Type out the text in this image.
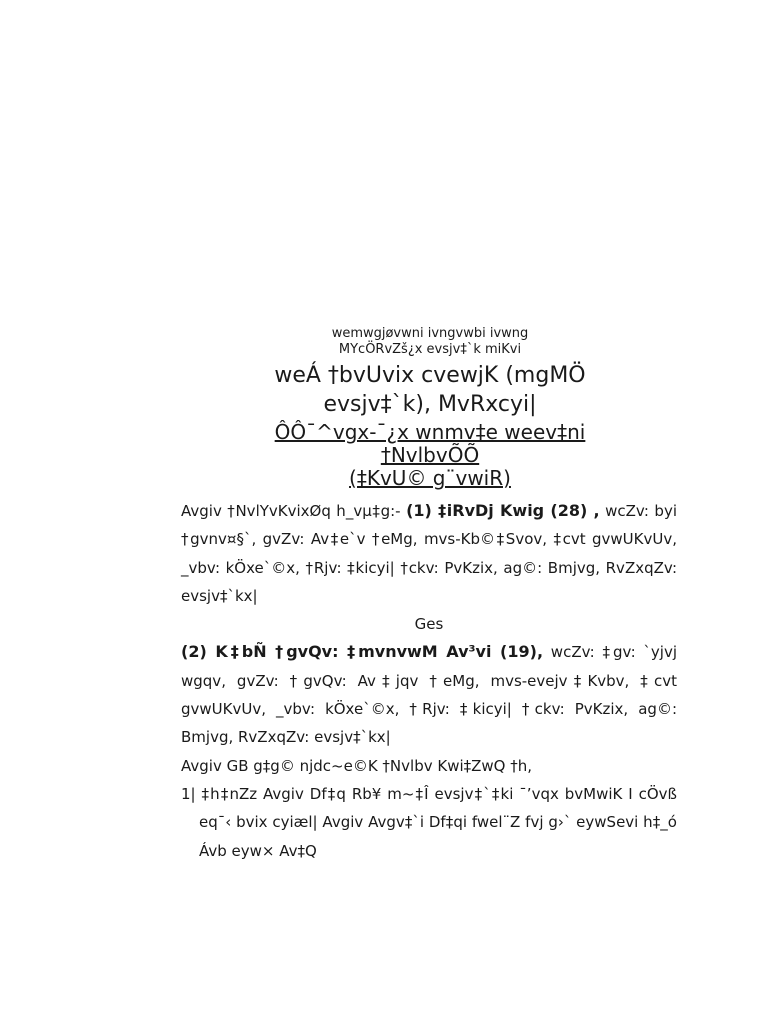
wemwgjøvwni ivngvwbi ivwng
MYcÖRvZš¿x evsjv‡`k miKvi
weÁ †bvUvix cvewjK (mgMÖ
evsjv‡`k), MvRxcyi|
ÔÔ¯^vgx-¯¿x wnmv‡e weev‡ni
†NvlbvÕÕ
(‡KvU© g¨vwiR)

Avgiv †NvlYvKvixØq h_vµ‡g:- (1) ‡iRvDj Kwig (28) , wcZv: byi †gvnv¤§`, gvZv: Av‡e`v †eMg, mvs-Kb©‡Svov, ‡cvt gvwUKvUv, _vbv: kÖxe`©x, †Rjv: ‡kicyi| †ckv: PvKzix, ag©: Bmjvg, RvZxqZv: evsjv‡`kx|

Ges

(2) K‡bÑ †gvQv: ‡mvnvwM Av³vi (19), wcZv: ‡gv: `yjvj wgqv, gvZv: †gvQv: Av‡jqv †eMg, mvs-evejv‡Kvbv, ‡cvt gvwUKvUv, _vbv: kÖxe`©x, †Rjv: ‡kicyi| †ckv: PvKzix, ag©: Bmjvg, RvZxqZv: evsjv‡`kx|

Avgiv GB g‡g© njdc~e©K †Nvlbv Kwi‡ZwQ †h,

1| ‡h‡nZz Avgiv Df‡q Rb¥ m~‡Î evsjv‡`‡ki ¯’vqx bvMwiK I cÖvß eq¯‹ bvix cyiæl| Avgiv Avgv‡`i Df‡qi fwel¨Z fvj g›` eywSevi h‡_ó Ávb eyw× Av‡Q
